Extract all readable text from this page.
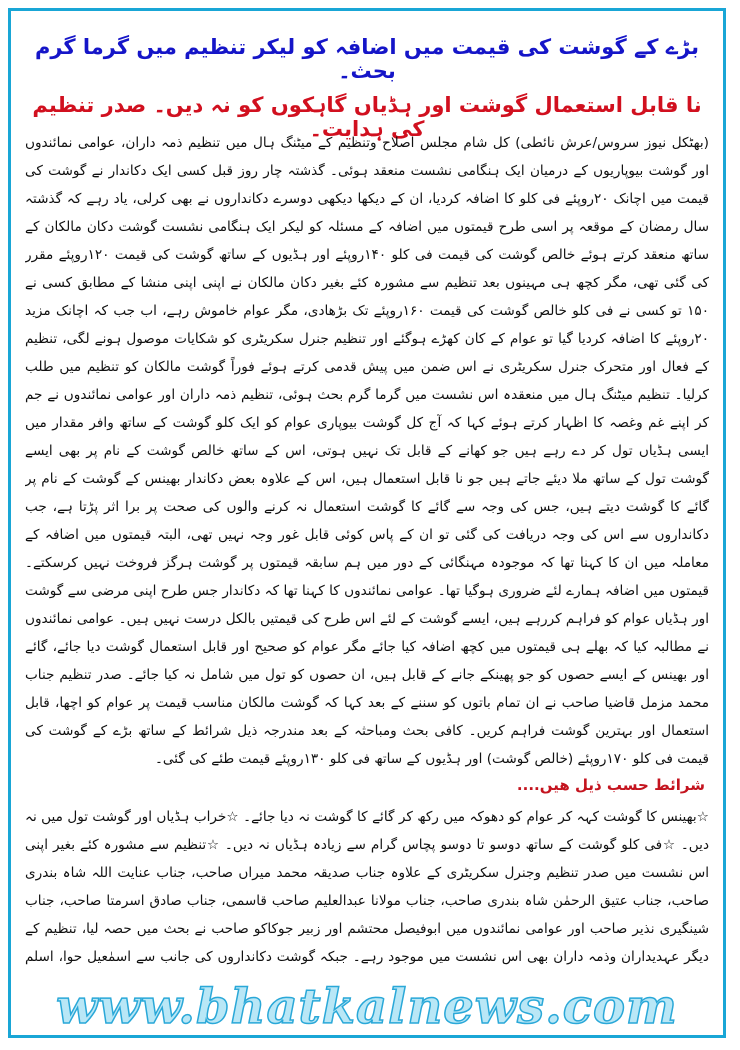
بڑے کے گوشت کی قیمت میں اضافہ کو لیکر تنظیم میں گرما گرم بحث۔
نا قابل استعمال گوشت اور ہڈیاں گاہکوں کو نہ دیں۔ صدر تنظیم کی ہدایت۔
(بھٹکل نیوز سروس/عرش نائطی) کل شام مجلس اصلاح وتنظیم کے میٹنگ ہال میں تنظیم ذمہ داران، عوامی نمائندوں اور گوشت بیوپاریوں کے درمیان ایک ہنگامی نشست منعقد ہوئی۔ گذشتہ چار روز قبل کسی ایک دکاندار نے گوشت کی قیمت میں اچانک ۲۰روپئے فی کلو کا اضافہ کردیا، ان کے دیکھا دیکھی دوسرے دکانداروں نے بھی کرلی، یاد رہے کہ گذشتہ سال رمضان کے موقعہ پر اسی طرح قیمتوں میں اضافہ کے مسئلہ کو لیکر ایک ہنگامی نشست گوشت دکان مالکان کے ساتھ منعقد کرتے ہوئے خالص گوشت کی قیمت فی کلو ۱۴۰روپئے اور ہڈیوں کے ساتھ گوشت کی قیمت ۱۲۰روپئے مقرر کی گئی تھی، مگر کچھ ہی مہینوں بعد تنظیم سے مشورہ کئے بغیر دکان مالکان نے اپنی اپنی منشا کے مطابق کسی نے ۱۵۰ تو کسی نے فی کلو خالص گوشت کی قیمت ۱۶۰روپئے تک بڑھادی، مگر عوام خاموش رہے، اب جب کہ اچانک مزید ۲۰روپئے کا اضافہ کردیا گیا تو عوام کے کان کھڑے ہوگئے اور تنظیم جنرل سکریٹری کو شکایات موصول ہونے لگی، تنظیم کے فعال اور متحرک جنرل سکریٹری نے اس ضمن میں پیش قدمی کرتے ہوئے فوراً گوشت مالکان کو تنظیم میں طلب کرلیا۔ تنظیم میٹنگ ہال میں منعقدہ اس نشست میں گرما گرم بحث ہوئی، تنظیم ذمہ داران اور عوامی نمائندوں نے جم کر اپنے غم وغصہ کا اظہار کرتے ہوئے کہا کہ آج کل گوشت بیوپاری عوام کو ایک کلو گوشت کے ساتھ وافر مقدار میں ایسی ہڈیاں تول کر دے رہے ہیں جو کھانے کے قابل تک نہیں ہوتی، اس کے ساتھ خالص گوشت کے نام پر بھی ایسے گوشت تول کے ساتھ ملا دیئے جاتے ہیں جو نا قابل استعمال ہیں، اس کے علاوہ بعض دکاندار بھینس کے گوشت کے نام پر گائے کا گوشت دیتے ہیں، جس کی وجہ سے گائے کا گوشت استعمال نہ کرنے والوں کی صحت پر برا اثر پڑتا ہے، جب دکانداروں سے اس کی وجہ دریافت کی گئی تو ان کے پاس کوئی قابل غور وجہ نہیں تھی، البتہ قیمتوں میں اضافہ کے معاملہ میں ان کا کہنا تھا کہ موجودہ مہنگائی کے دور میں ہم سابقہ قیمتوں پر گوشت ہرگز فروخت نہیں کرسکتے۔ قیمتوں میں اضافہ ہمارے لئے ضروری ہوگیا تھا۔ عوامی نمائندوں کا کہنا تھا کہ دکاندار جس طرح اپنی مرضی سے گوشت اور ہڈیاں عوام کو فراہم کررہے ہیں، ایسے گوشت کے لئے اس طرح کی قیمتیں بالکل درست نہیں ہیں۔ عوامی نمائندوں نے مطالبہ کیا کہ بھلے ہی قیمتوں میں کچھ اضافہ کیا جائے مگر عوام کو صحیح اور قابل استعمال گوشت دیا جائے، گائے اور بھینس کے ایسے حصوں کو جو پھینکے جانے کے قابل ہیں، ان حصوں کو تول میں شامل نہ کیا جائے۔ صدر تنظیم جناب محمد مزمل قاضیا صاحب نے ان تمام باتوں کو سننے کے بعد کہا کہ گوشت مالکان مناسب قیمت پر عوام کو اچھا، قابل استعمال اور بہترین گوشت فراہم کریں۔ کافی بحث ومباحثہ کے بعد مندرجہ ذیل شرائط کے ساتھ بڑے کے گوشت کی قیمت فی کلو ۱۷۰روپئے (خالص گوشت) اور ہڈیوں کے ساتھ فی کلو ۱۳۰روپئے قیمت طئے کی گئی۔
شرائط حسب ذیل ھیں....
☆بھینس کا گوشت کہہ کر عوام کو دھوکہ میں رکھ کر گائے کا گوشت نہ دیا جائے۔ ☆خراب ہڈیاں اور گوشت تول میں نہ دیں۔ ☆فی کلو گوشت کے ساتھ دوسو تا دوسو پچاس گرام سے زیادہ ہڈیاں نہ دیں۔ ☆تنظیم سے مشورہ کئے بغیر اپنی
اس نشست میں صدر تنظیم وجنرل سکریٹری کے علاوہ جناب صدیقہ محمد میراں صاحب، جناب عنایت اللہ شاہ بندری صاحب، جناب عتیق الرحمٰن شاہ بندری صاحب، جناب مولانا عبدالعلیم صاحب قاسمی، جناب صادق اسرمتا صاحب، جناب شینگیری نذیر صاحب اور عوامی نمائندوں میں ابوفیصل محتشم اور زبیر جوکاکو صاحب نے بحث میں حصہ لیا، تنظیم کے دیگر عہدیداران وذمہ داران بھی اس نشست میں موجود رہے۔ جبکہ گوشت دکانداروں کی جانب سے اسمٰعیل حوا، اسلم
www.bhatkalnews.com
